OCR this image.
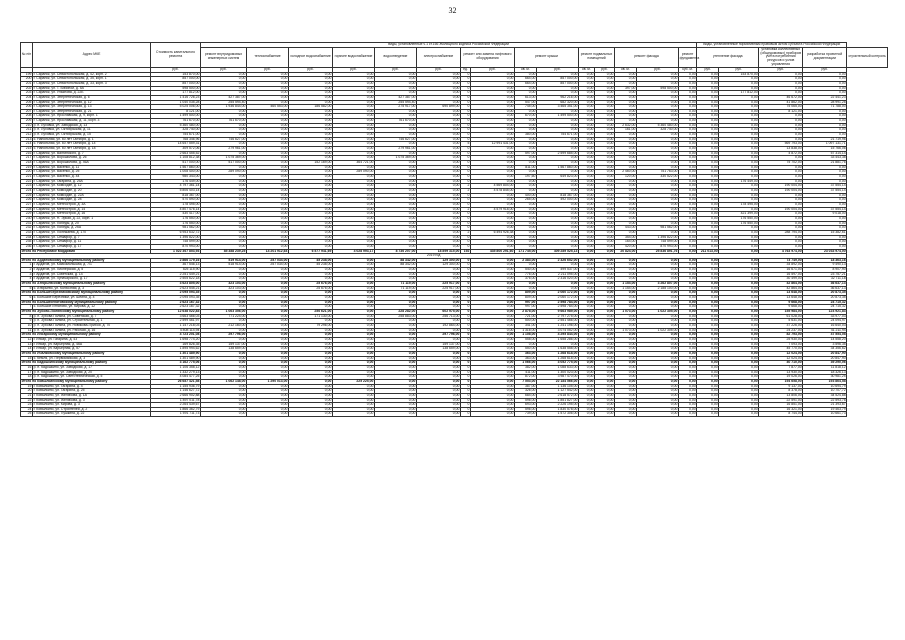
32
№ п/п	Адрес МКЕ	Стоимость капитального ремонта	виды, установленные ч.1 ст.166 Жилищного кодекса Российской Федерации															Виды, установленные нормативным правовым актом субъекта Российской Федерации				
			ремонт внутридомовых инженерных систем	теплоснабжение	холодное водоснабжение	горячее водоснабжение	водоотведение	электроснабжение	ремонт или замена лифтового оборудования		ремонт крыши		ремонт подвальных помещений		ремонт фасада		ремонт фундамента	утепление фасада		установка коллективных (общедомовых) приборов учета потребления ресурсов и узлов управления	разработка проектной документации	строительный контроль

		руб.	руб.	руб.	руб.	руб.	руб.	руб.	ед.	руб.	кв. м.	руб.	кв. м.	руб.	кв. м.	руб.	куб. м.	руб.	руб.	руб.	руб.	
199	г. Саранск, ул. Севастопольская, д. 42, корп. 2	153 870,00	0,00	0,00	0,00	0,00	0,00	0,00	0	0,00	0,00	0,00	0,00	0,00	0,00	0,00	0,00	0,00	153 870,00	0,00	0,00	
200	г. Саранск, ул. Севастопольская, д. 35, корп. 1	857 000,00	0,00	0,00	0,00	0,00	0,00	0,00	0	0,00	664,00	857 000,00	0,00	0,00	0,00	0,00	0,00	0,00	0,00	0,00	0,00	
201	г. Саранск, ул. Севастопольская, д. 33, корп. 3	857 000,00	0,00	0,00	0,00	0,00	0,00	0,00	0	0,00	664,00	857 000,00	0,00	0,00	0,00	0,00	0,00	0,00	0,00	0,00	0,00	
202	г. Саранск, ул. Т. Бибиной, д. 5А	598 500,00	0,00	0,00	0,00	0,00	0,00	0,00	0	0,00	0,00	0,00	0,00	0,00	397,00	598 500,00	0,00	0,00	0,00	0,00	0,00	
203	г. Саранск, ул. Ульянова, д. 22Б	177 812,00	0,00	0,00	0,00	0,00	0,00	0,00	0	0,00	0,00	0,00	0,00	0,00	0,00	0,00	0,00	0,00	177 812,00	0,00	0,00	
204	г. Саранск, ул. Энергетическая, д. 6	1 416 726,23	427 387,00	0,00	0,00	0,00	427 387,00	0,00	0	0,00	613,00	962 216,00	0,00	0,00	0,00	0,00	0,00	0,00	0,00	46 672,00	22 441,23	
205	г. Саранск, ул. Энергетическая, д. 12	1 040 035,28	255 594,40	0,00	0,00	0,00	255 594,40	0,00	0	0,00	547,00	682 320,00	0,00	0,00	0,00	0,00	0,00	0,00	0,00	41 862,00	28 991,28	
206	г. Саранск, ул. Энергетическая, д. 13	5 025 006,00	1 936 844,00	460 553,00	186 582,00	0,00	275 917,00	690 899,00	0	0,00	745,00	3 465 351,00	0,00	0,00	0,00	0,00	0,00	0,00	0,00	75 065,00	71 788,00	
207	г. Саранск, ул. Энергетическая, д. 21	8 121,00	0,00	0,00	0,00	0,00	0,00	0,00	0	0,00	0,00	0,00	0,00	0,00	0,00	0,00	0,00	0,00	0,00	8 121,00	0,00	
208	г. Саранск, ул. Ярославская, д. 9, корп. 1	1 499 500,00	0,00	0,00	0,00	0,00	0,00	0,00	0	0,00	670,00	1 499 500,00	0,00	0,00	0,00	0,00	0,00	0,00	0,00	0,00	0,00	
209	г. Саранск, ул. Ярославская, д. 11, корп. 3	761 670,00	761 670,00	0,00	0,00	0,00	761 670,00	0,00	0	0,00	0,00	0,00	0,00	0,00	0,00	0,00	0,00	0,00	0,00	0,00	0,00	
210	р. п. Луховка, ул. Заводская, д. 13	5 360 480,00	0,00	0,00	0,00	0,00	0,00	0,00	0	0,00	0,00	0,00	0,00	0,00	2 632,00	5 360 480,00	0,00	0,00	0,00	0,00	0,00	
211	р. п. Луховка, ул. Октябрьская, д. 11	328 740,00	0,00	0,00	0,00	0,00	0,00	0,00	0	0,00	0,00	0,00	0,00	0,00	161,00	328 740,00	0,00	0,00	0,00	0,00	0,00	
212	р. п. Луховка, ул. Октябрьская, д. 15	754 671,00	0,00	0,00	0,00	0,00	0,00	0,00	0	0,00	380,00	754 671,00	0,00	0,00	0,00	0,00	0,00	0,00	0,00	0,00	0,00	
213	с. Напольная, ул. 60 лет Октября, д. 1	768 346,96	746 627,00	0,00	0,00	0,00	746 627,00	0,00	0	0,00	0,00	0,00	0,00	0,00	0,00	0,00	0,00	0,00	0,00	0,00	21 719,96	
214	с. Напольная, ул. 60 лет Октября, д. 14	14 657 559,31	0,00	0,00	0,00	0,00	0,00	0,00	5	12 991 431,00	0,00	0,00	0,00	0,00	0,00	0,00	0,00	0,00	0,00	569 793,00	1 097 131,71	
215	с. Напольная, ул. 60 лет Октября, д. 18	309 572,06	279 961,00	0,00	0,00	0,00	279 961,00	0,00	0	0,00	0,00	0,00	0,00	0,00	0,00	0,00	0,00	0,00	0,00	13 838,00	15 766,06	
216	г. Саранск, ул. Валгинского, д. 7	2 663 455,52	0,00	0,00	0,00	0,00	0,00	0,00	0	0,00	597,00	2 599 685,00	0,00	0,00	0,00	0,00	0,00	0,00	0,00	4 872,00	57 314,14	
217	г. Саранск, ул. Ворошилова, д. 26	1 108 812,38	1 075 369,00	0,00	0,00	0,00	1 075 369,00	0,00	0	0,00	0,00	0,00	0,00	0,00	0,00	0,00	0,00	0,00	0,00	0,00	33 443,38	
218	г. Саранск, ул. Ворошилова, д. 46А	517 000,00	517 000,00	0,00	152 169,00	364 721,00	0,00	0,00	0	0,00	0,00	0,00	0,00	0,00	0,00	0,00	0,00	0,00	0,00	75 702,00	21 881,76	
219	г. Саранск, ул. Васенко, д. 11	1 567 860,00	0,00	0,00	0,00	0,00	0,00	0,00	0	0,00	811,00	1 567 860,00	0,00	0,00	0,00	0,00	0,00	0,00	0,00	0,00	0,00	
220	г. Саранск, ул. Васенко, д. 25	1 008 400,00	289 090,00	0,00	0,00	289 090,00	0,00	0,00	0	0,00	0,00	0,00	0,00	0,00	2 460,00	751 763,00	0,00	0,00	0,00	0,00	0,00	
221	г. Саранск, ул. Васенко, д. 44	980 343,00	0,00	0,00	0,00	0,00	0,00	0,00	0	0,00	197,60	649 823,00	0,00	0,00	120,00	330 522,00	0,00	0,00	0,00	0,00	0,00	
222	г. Саранск, ул. Гагарина, д. 25А	176 449,00	0,00	0,00	0,00	0,00	0,00	0,00	0	0,00	0,00	0,00	0,00	0,00	0,00	0,00	0,00	0,00	176 449,00	0,00	0,00	
223	г. Саранск, ул. Комсодзе, д. 12	4 797 361,14	0,00	0,00	0,00	0,00	0,00	0,00	2	4 569 804,00	0,00	0,00	0,00	0,00	0,00	0,00	0,00	0,00	0,00	190 004,00	37 554,14	
224	г. Саранск, ул. Комсодзе, д. 20	5 806 403,14	0,00	0,00	0,00	0,00	0,00	0,00	2	4 578 845,00	0,00	0,00	0,00	0,00	0,00	0,00	0,00	0,00	0,00	190 004,00	37 554,14	
225	г. Саранск, ул. Комсодзе, д. 22А	818 367,00	0,00	0,00	0,00	0,00	0,00	0,00	0	0,00	400,00	818 367,00	0,00	0,00	0,00	0,00	0,00	0,00	0,00	0,00	0,00	
226	г. Саранск, ул. Комсодзе, д. 28	570 590,00	0,00	0,00	0,00	0,00	0,00	0,00	0	0,00	265,00	492 000,00	0,00	0,00	0,00	0,00	0,00	0,00	0,00	0,00	0,00	
227	г. Саранск, ул. Метеостроя, д. 3А	178 495,00	0,00	0,00	0,00	0,00	0,00	0,00	0	0,00	0,00	0,00	0,00	0,00	0,00	0,00	0,00	0,00	178 495,00	0,00	0,00	
228	г. Саранск, ул. Метеостроя, д. 14	4 807 476,14	0,00	0,00	0,00	0,00	0,00	0,00	2	4 579 918,00	0,00	0,00	0,00	0,00	0,00	0,00	0,00	0,00	0,00	190 004,00	37 554,14	
229	г. Саранск, ул. Метеостроя, д. 16	430 417,00	0,00	0,00	0,00	0,00	0,00	0,00	0	0,00	0,00	0,00	0,00	0,00	0,00	0,00	0,00	0,00	421 399,00	0,00	9 018,00	
230	г. Саранск, ул. Н. Эркая, д. 22, корп. 1	176 550,00	0,00	0,00	0,00	0,00	0,00	0,00	0	0,00	0,00	0,00	0,00	0,00	0,00	0,00	0,00	0,00	176 550,00	0,00	0,00	
231	г. Саранск, ул. Победы, д. 20	176 550,00	0,00	0,00	0,00	0,00	0,00	0,00	0	0,00	0,00	0,00	0,00	0,00	0,00	0,00	0,00	0,00	176 550,00	0,00	0,00	
232	г. Саранск, ул. Победы, д. 26А	981 562,00	0,00	0,00	0,00	0,00	0,00	0,00	0	0,00	0,00	0,00	0,00	0,00	443,00	981 562,00	0,00	0,00	0,00	0,00	0,00	
233	г. Саранск, ул. Полежаева, д. 170	6 953 632,72	0,00	0,00	0,00	0,00	0,00	0,00	2	6 494 926,38	0,00	0,00	0,00	0,00	0,00	0,00	0,00	0,00	0,00	288 794,00	15 382,61	
234	г. Саранск, ул. Семафор, д. 7	1 396 822,00	0,00	0,00	0,00	0,00	0,00	0,00	0	0,00	0,00	0,00	0,00	0,00	354,00	1 396 822,00	0,00	0,00	0,00	0,00	0,00	
235	г. Саранск, ул. Семафор, д. 11	748 599,00	0,00	0,00	0,00	0,00	0,00	0,00	0	0,00	0,00	0,00	0,00	0,00	164,00	748 599,00	0,00	0,00	0,00	0,00	0,00	
236	г. Саранск, ул. Семафор, д. 17	870 993,00	0,00	0,00	0,00	0,00	0,00	0,00	0	0,00	0,00	0,00	0,00	0,00	420,00	870 993,00	0,00	0,00	0,00	0,00	0,00	
Итого по Республике Мордовия		1 022 367 853,93	85 388 239,25	14 201 912,64	6 577 941,69	4 028 993,17	8 736 207,00	18 899 315,00	192	435 800 291,60	171 745,00	409 289 525,13	0,00	0,00	20 824,00	25 836 891,76	0,00	211 013,00	0,00	4 763 974,00	23 033 974,00	
2019 год																						
Итого по Ардатовскому муниципальному району		2 866 179,16	519 914,00	257 034,00	45 238,00	0,00	88 342,00	129 300,00	0	0,00	2 383,00	2 326 652,00	0,00	0,00	0,00	0,00	0,00	0,00	0,00	73 749,00	18 363,16	
1	г. Ардатов, ул. Комсомольская, д. 7/1	367 546,13	518 914,00	257 034,00	45 238,00	0,00	88 342,00	129 300,00	0	0,00	0,00	0,00	0,00	0,00	0,00	0,00	0,00	0,00	0,00	34 892,00	9 490,13	
2	г. Ардатов, ул. Пионерская, д. 5	525 115,90	0,00	0,00	0,00	0,00	0,00	0,00	0	0,00	540,00	499 537,00	0,00	0,00	0,00	0,00	0,00	0,00	0,00	16 671,00	8 907,90	
3	г. Ардатов, ул. Советская, д. 14	2 251 449,21	0,00	0,00	0,00	0,00	0,00	0,00	0	0,00	776,00	2 211 095,00	0,00	0,00	0,00	0,00	0,00	0,00	0,00	16 597,00	23 757,21	
4	г. Ардатов, ул. Луначарского, д. 17	2 505 622,18	0,00	0,00	0,00	0,00	0,00	0,00	0	0,00	376,00	2 316 020,00	0,00	0,00	0,00	0,00	0,00	0,00	0,00	30 499,00	32 711,18	
Итого по Атюрьевскому муниципальному району		3 623 805,00	323 103,00	0,00	25 676,00	0,00	71 119,00	225 917,00	0	0,00	0,00	0,00	0,00	0,00	1 154,00	3 262 807,00	0,00	0,00	0,00	42 864,00	36 637,13	
5	с. Атюрьево, ул. Колхозная, д. 3	2 623 545,21	323 103,00	0,00	25 676,00	0,00	71 119,00	225 917,00	0	0,00	0,00	0,00	0,00	0,00	1 154,00	2 188 100,00	0,00	0,00	0,00	42 864,00	36 637,13	
Итого по Большеберезниковскому муниципальному району		2 095 093,35	0,00	0,00	0,00	0,00	0,00	0,00	0	0,00	809,00	2 060 172,00	0,00	0,00	0,00	0,00	0,00	0,00	0,00	13 648,00	20 873,35	
6	с. Большие Березники, ул. Шеина, д. 4	2 095 093,35	0,00	0,00	0,00	0,00	0,00	0,00	0	0,00	809,00	2 060 172,00	0,00	0,00	0,00	0,00	0,00	0,00	0,00	13 648,00	20 873,35	
Итого по Большеигнатовскому муниципальному району		2 623 167,32	0,00	0,00	0,00	0,00	0,00	0,00	0	0,00	997,00	2 598 784,00	0,00	0,00	0,00	0,00	0,00	0,00	0,00	9 668,00	24 715,32	
7	с. Большое Игнатово, ул. Кирова, д. 12	2 623 167,32	0,00	0,00	0,00	0,00	0,00	0,00	0	0,00	997,00	2 598 784,00	0,00	0,00	0,00	0,00	0,00	0,00	0,00	9 668,00	24 715,32	
Итого по Зубово-Полянскому муниципальному району		12 638 022,83	1 063 356,00	0,00	256 621,00	0,00	228 282,00	602 975,00	0	0,00	2 878,00	9 663 989,00	0,00	0,00	1 073,00	1 022 305,00	0,00	0,00	0,00	155 984,00	124 921,83	
8	р. п. Зубова Поляна, ул. Советская, д. 7	3 663 466,03	771 224,00	0,00	171 130,00	0,00	258 883,00	256 713,00	0	0,00	721,00	2 797 275,00	0,00	0,00	0,00	0,00	0,00	0,00	0,00	61 028,00	33 977,03	
9	р. п. Зубова Поляна, ул. Строительная, д. 1	2 599 461,97	0,00	0,00	0,00	0,00	0,00	0,00	0	0,00	500,00	2 551 466,00	0,00	0,00	0,00	0,00	0,00	0,00	0,00	5 631,00	24 094,97	
10	р. п. Зубова Поляна, ул. Новикова-Прибоя, д. 70	1 147 218,03	212 160,00	0,00	79 296,00	0,00	0,00	192 864,00	0	0,00	341,00	1 241 196,00	0,00	0,00	0,00	0,00	0,00	0,00	0,00	37 226,00	16 640,03	
11	р. п. Зубова Поляна, ул. Рабочая, д. 16	4 808 114,94	0,00	0,00	0,00	0,00	0,00	0,00	0	0,00	1 316,00	3 074 052,00	0,00	0,00	1 073,00	1 022 305,00	0,00	0,00	0,00	24 237,00	41 211,94	
Итого по Инсарскому муниципальному району		4 723 201,08	297 796,00	0,00	0,00	0,00	0,00	297 796,00	0	0,00	1 108,00	4 295 844,00	0,00	0,00	0,00	0,00	0,00	0,00	0,00	82 793,00	47 554,08	
12	г. Инсар, ул. Гагарина, д. 43	1 698 774,20	0,00	0,00	0,00	0,00	0,00	0,00	0	0,00	558,00	1 658 286,00	0,00	0,00	0,00	0,00	0,00	0,00	0,00	25 930,00	14 558,20	
13	г. Инсар, ул. Карьерная, д. 46А	169 826,35	159 137,00	0,00	0,00	0,00	0,00	159 137,00	0	0,00	0,00	0,00	0,00	0,00	0,00	0,00	0,00	0,00	0,00	7 093,00	3 596,35	
14	г. Инсар, ул. Карьерная, д. 57	1 895 994,62	138 659,00	0,00	0,00	0,00	0,00	138 659,00	0	0,00	550,00	1 638 558,00	0,00	0,00	0,00	0,00	0,00	0,00	0,00	45 770,00	34 356,62	
Итого по Ичалковскому муниципальному району		1 301 489,90	0,00	0,00	0,00	0,00	0,00	0,00	0	0,00	363,00	1 268 618,00	0,00	0,00	0,00	0,00	0,00	0,00	0,00	12 024,00	20 847,90	
15	с. Кемля, ул. Первомайская, д. 3	1 301 489,90	0,00	0,00	0,00	0,00	0,00	0,00	0	0,00	363,00	1 268 618,00	0,00	0,00	0,00	0,00	0,00	0,00	0,00	12 024,00	20 847,90	
Итого по Кадошкинскому муниципальному району		3 162 775,06	0,00	0,00	0,00	0,00	0,00	0,00	0	0,00	1 066,00	3 052 775,00	0,00	0,00	0,00	0,00	0,00	0,00	0,00	40 710,00	39 290,06	
16	р. п. Кадошкино, ул. Заводская, д. 17	1 106 358,12	0,00	0,00	0,00	0,00	0,00	0,00	0	0,00	382,00	1 088 633,00	0,00	0,00	0,00	0,00	0,00	0,00	0,00	7 877,00	11 818,12	
17	р. п. Кадошкино, ул. Заводская, д. 20	1 332 279,13	0,00	0,00	0,00	0,00	0,00	0,00	0	0,00	411,00	1 300 023,00	0,00	0,00	0,00	0,00	0,00	0,00	0,00	13 930,00	18 326,13	
18	р. п. Кадошкино, ул. Светотехническая, д. 5	4 084 477,25	0,00	0,00	0,00	0,00	0,00	0,00	0	0,00	872,00	3 987 470,00	0,00	0,00	0,00	0,00	0,00	0,00	0,00	19 026,00	30 981,25	
Итого по Ковылкинскому муниципальному району		26 687 421,58	1 062 148,00	1 290 013,00	0,00	225 225,00	0,00	0,00	0	0,00	7 553,00	22 184 566,00	0,00	0,00	0,00	0,00	0,00	0,00	0,00	194 658,00	193 864,58	
19	г. Ковылкино, ул. Гагарина, д. 4	1 155 936,79	0,00	0,00	0,00	0,00	0,00	0,00	0	0,00	387,00	1 136 105,00	0,00	0,00	0,00	0,00	0,00	0,00	0,00	9 137,00	10 694,79	
20	г. Ковылкино, ул. Гагарина, д. 25	1 146 627,72	0,00	0,00	0,00	0,00	0,00	0,00	0	0,00	326,00	1 127 542,00	0,00	0,00	0,00	0,00	0,00	0,00	0,00	8 378,00	10 707,72	
21	г. Ковылкино, ул. Желябова, д. 1А	2 666 902,88	0,00	0,00	0,00	0,00	0,00	0,00	0	0,00	684,00	2 618 572,00	0,00	0,00	0,00	0,00	0,00	0,00	0,00	13 806,00	34 524,88	
22	г. Ковылкино, ул. Желябова, д. 3	1 897 011,78	0,00	0,00	0,00	0,00	0,00	0,00	0	0,00	596,00	1 851 827,00	0,00	0,00	0,00	0,00	0,00	0,00	0,00	22 591,00	22 593,78	
23	г. Ковылкино, ул. Кирова, д. 3	2 264 439,67	0,00	0,00	0,00	0,00	0,00	0,00	0	0,00	693,00	2 226 195,00	0,00	0,00	0,00	0,00	0,00	0,00	0,00	16 851,00	21 393,67	
24	г. Ковылкино, ул. Строителей, д. 2	1 866 362,79	0,00	0,00	0,00	0,00	0,00	0,00	0	0,00	596,00	1 830 578,00	0,00	0,00	0,00	0,00	0,00	0,00	0,00	16 321,00	19 463,79	
25	г. Ковылкино, ул. Пушкина, д. 22	1 591 711,73	0,00	0,00	0,00	0,00	0,00	0,00	0	0,00	739,00	1 572 306,00	0,00	0,00	0,00	0,00	0,00	0,00	0,00	8 744,00	10 661,73	
